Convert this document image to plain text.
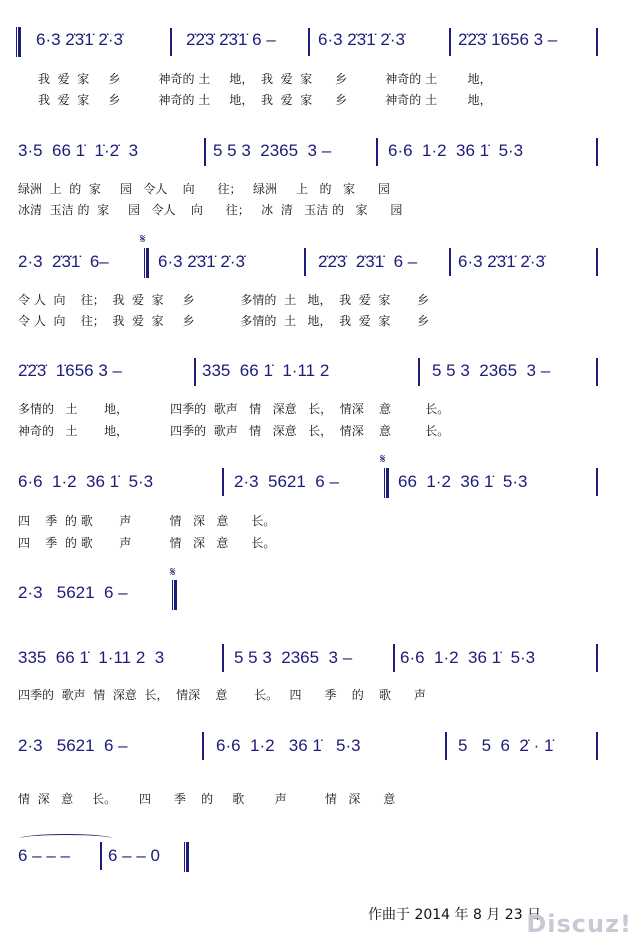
6·3 2̇3̇1̇ 2̇·3̇

	2̇2̇3̇ 2̇3̇1̇ 6 –

6·3 2̇3̇1̇ 2̇·3̇

	2̇2̇3̇ 1̇656 3 –

我  爱  家     乡          神奇的 土     地，  我  爱  家      乡          神奇的 土        地，
我  爱  家     乡          神奇的 土     地，  我  爱  家      乡          神奇的 土        地，

3·5  66 1̇  1̇·2̇  3

	5 5 3  2365  3 –

	6·6  1·2  36 1̇  5·3

绿洲  上  的  家     园   令人    向      往；   绿洲     上   的   家      园
冰清  玉洁 的  家     园   令人    向      往；   冰  清   玉洁 的   家      园
𝄋

2·3  2̇3̇1̇  6–

	6·3 2̇3̇1̇ 2̇·3̇

	2̇2̇3̇  2̇3̇1̇  6 –

6·3 2̇3̇1̇ 2̇·3̇

令 人  向    往；  我  爱  家     乡            多情的  土   地，  我  爱  家       乡
令 人  向    往；  我  爱  家     乡            多情的  土   地，  我  爱  家       乡

2̇2̇3̇  1̇656 3 –

	335  66 1̇  1·11 2

	5 5 3  2365  3 –

多情的   土       地，           四季的  歌声   情   深意   长，  情深    意         长。
神奇的   土       地，           四季的  歌声   情   深意   长，  情深    意         长。
𝄋

6·6  1·2  36 1̇  5·3

	2·3  5621  6 –

	66  1·2  36 1̇  5·3

四    季  的 歌       声          情   深   意      长。
四    季  的 歌       声          情   深   意      长。
𝄋

2·3   5621  6 –

335  66 1̇  1·11 2  3

	5 5 3  2365  3 –

	6·6  1·2  36 1̇  5·3

四季的  歌声  情  深意  长，  情深    意       长。   四      季    的    歌      声

2·3   5621  6 –

	6·6  1·2   36 1̇   5·3

	5   5  6  2̇ · 1̇

情  深   意     长。      四      季    的     歌        声          情   深      意

6 – – –

6 – – 0

作曲于 2014 年 8 月 23 日
Discuz!
